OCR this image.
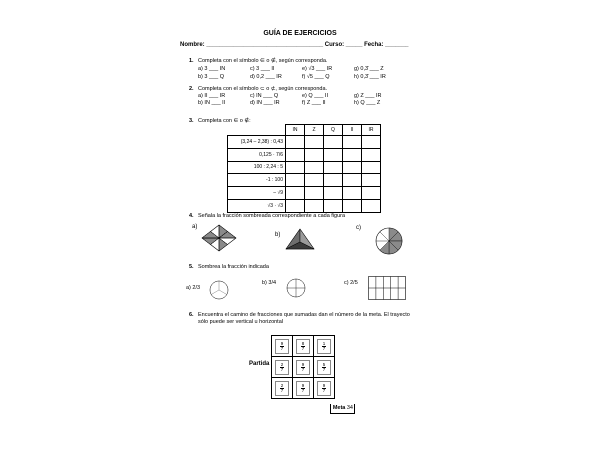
GUÍA DE EJERCICIOS
Nombre: ___________________________________ Curso: _____ Fecha: _______
1. Completa con el símbolo ∈ o ∉, según corresponda.
a) 3 ___ IN	c) 3 ___ II	e) √3 ___ IR	g) 0,3̄ ___ Z
b) 3 ___ Q	d) 0,2 ___ IR	f) √5 ___ Q	h) 0,3̄ ___ IR
2. Completa con el símbolo ⊂ o ⊄, según corresponda.
a) II ___ IR	c) IN ___ Q	e) Q ___ II	g) Z ___ IR
b) IN ___ II	d) IN ___ IR	f) Z ___ II	h) Q ___ Z
3. Completa con ∈ o ∉:
	IN	Z	Q	II	IR
(3,24 – 2,38) : 0,43					
0,125 · 7/6					
100 : 2,24 : 5					
-1 : 100					
– √9					
√3 · √3					
4. Señala la fracción sombreada correspondiente a cada figura
a)
b)
c)
5. Sombrea la fracción indicada
a) 2/3
b) 3/4	c) 2/5
6. Encuentra el camino de fracciones que sumadas dan el número de la meta. El trayecto
sólo puede ser vertical u horizontal
Partida
$\frac{9}{7}$	$\frac{8}{7}$	$\frac{1}{7}$

$\frac{2}{7}$	$\frac{9}{7}$	$\frac{5}{7}$

$\frac{2}{7}$	$\frac{9}{7}$	$\frac{9}{7}$
Meta 34
